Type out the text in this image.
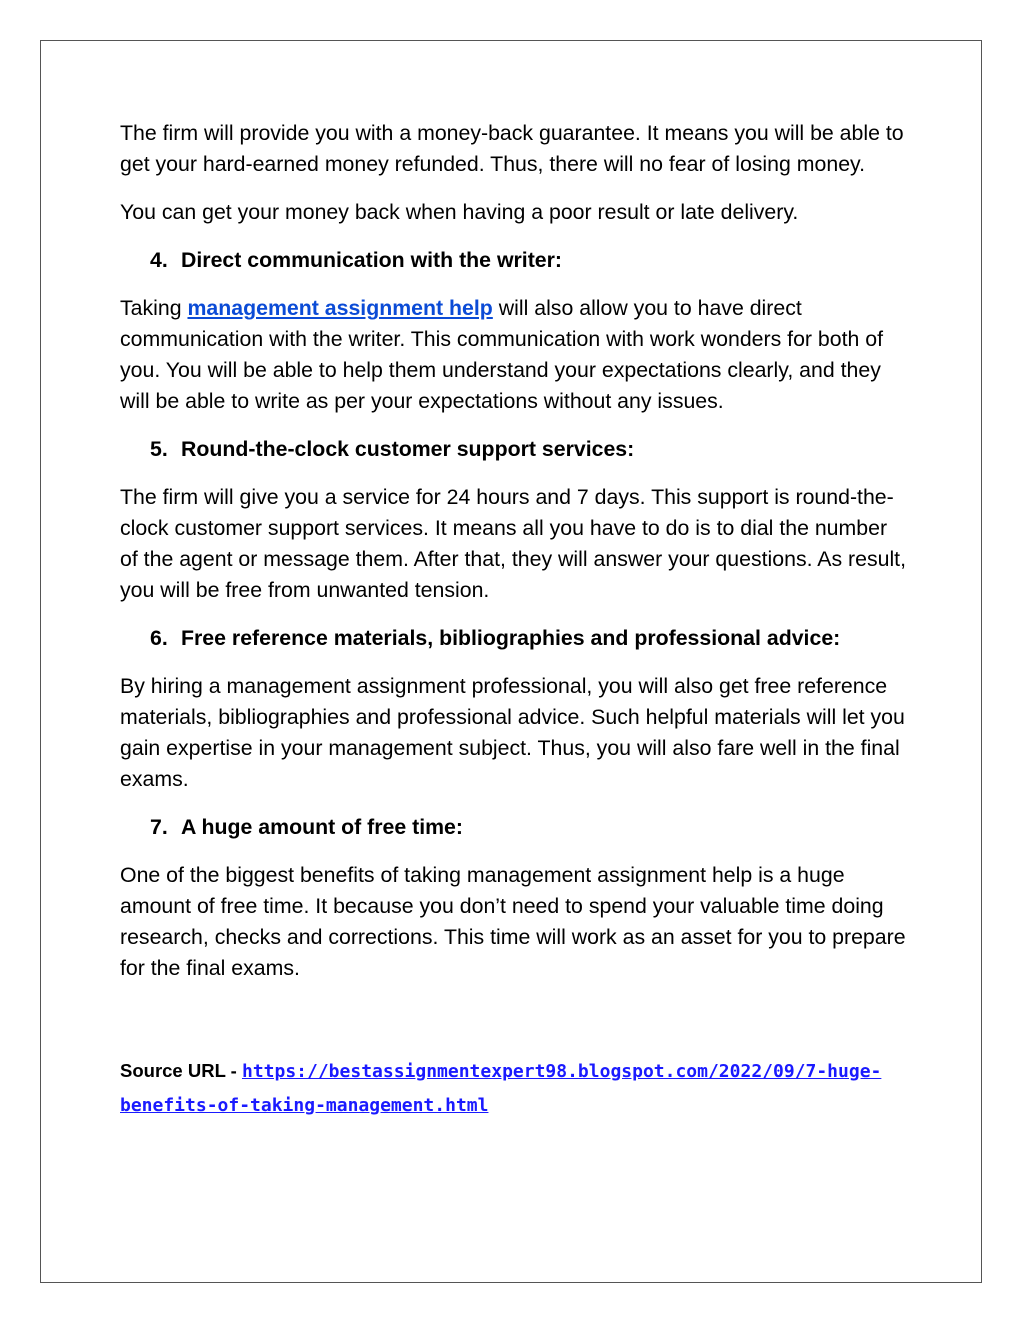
The firm will provide you with a money-back guarantee. It means you will be able to get your hard-earned money refunded. Thus, there will no fear of losing money.

You can get your money back when having a poor result or late delivery.

4. Direct communication with the writer:

Taking management assignment help will also allow you to have direct communication with the writer. This communication with work wonders for both of you. You will be able to help them understand your expectations clearly, and they will be able to write as per your expectations without any issues.

5. Round-the-clock customer support services:

The firm will give you a service for 24 hours and 7 days. This support is round-the-clock customer support services. It means all you have to do is to dial the number of the agent or message them. After that, they will answer your questions. As result, you will be free from unwanted tension.

6. Free reference materials, bibliographies and professional advice:

By hiring a management assignment professional, you will also get free reference materials, bibliographies and professional advice. Such helpful materials will let you gain expertise in your management subject. Thus, you will also fare well in the final exams.

7. A huge amount of free time:

One of the biggest benefits of taking management assignment help is a huge amount of free time. It because you don’t need to spend your valuable time doing research, checks and corrections. This time will work as an asset for you to prepare for the final exams.

Source URL - https://bestassignmentexpert98.blogspot.com/2022/09/7-huge-benefits-of-taking-management.html
